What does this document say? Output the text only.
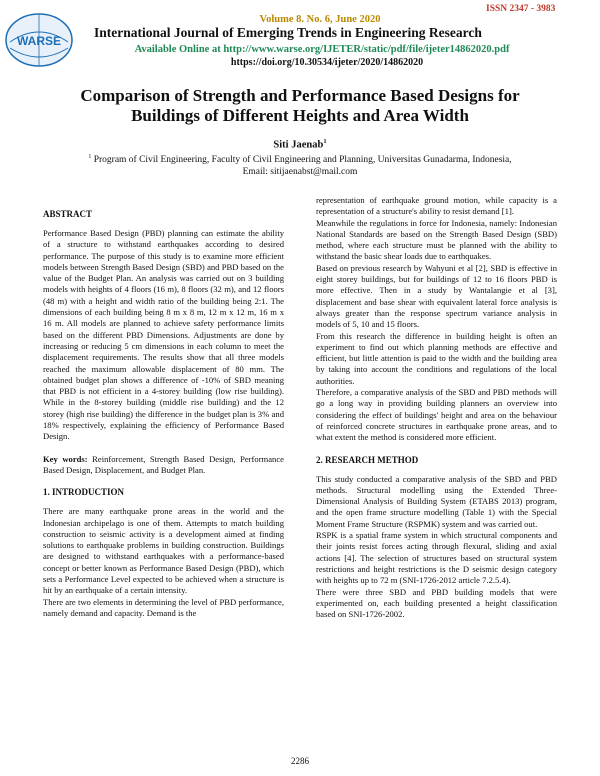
ISSN 2347 - 3983
WARSE
Volume 8. No. 6, June 2020
International Journal of Emerging Trends in Engineering Research
Available Online at http://www.warse.org/IJETER/static/pdf/file/ijeter14862020.pdf
https://doi.org/10.30534/ijeter/2020/14862020
Comparison of Strength and Performance Based Designs for
Buildings of Different Heights and Area Width
Siti Jaenab$^1$
$^1$ Program of Civil Engineering, Faculty of Civil Engineering and Planning, Universitas Gunadarma, Indonesia,
Email: sitijaenabst@mail.com
ABSTRACT

Performance Based Design (PBD) planning can estimate the ability of a structure to withstand earthquakes according to desired performance. The purpose of this study is to examine more efficient models between Strength Based Design (SBD) and PBD based on the value of the Budget Plan. An analysis was carried out on 3 building models with heights of 4 floors (16 m), 8 floors (32 m), and 12 floors (48 m) with a height and width ratio of the building being 2:1. The dimensions of each building being 8 m x 8 m, 12 m x 12 m, 16 m x 16 m. All models are planned to achieve safety performance limits based on the different PBD Dimensions. Adjustments are done by increasing or reducing 5 cm dimensions in each column to meet the displacement requirements. The results show that all three models reached the maximum allowable displacement of 80 mm. The obtained budget plan shows a difference of -10% of SBD meaning that PBD is not efficient in a 4-storey building (low rise building). While in the 8-storey building (middle rise building) and the 12 storey (high rise building) the difference in the budget plan is 3% and 18% respectively, explaining the efficiency of Performance Based Design.

Key words: Reinforcement, Strength Based Design, Performance Based Design, Displacement, and Budget Plan.

1. INTRODUCTION

There are many earthquake prone areas in the world and the Indonesian archipelago is one of them. Attempts to match building construction to seismic activity is a development aimed at finding solutions to earthquake problems in building construction. Buildings are designed to withstand earthquakes with a performance-based concept or better known as Performance Based Design (PBD), which sets a Performance Level expected to be achieved when a structure is hit by an earthquake of a certain intensity.

There are two elements in determining the level of PBD performance, namely demand and capacity. Demand is the

representation of earthquake ground motion, while capacity is a representation of a structure's ability to resist demand [1].

Meanwhile the regulations in force for Indonesia, namely: Indonesian National Standards are based on the Strength Based Design (SBD) method, where each structure must be planned with the ability to withstand the basic shear loads due to earthquakes.

Based on previous research by Wahyuni et al [2], SBD is effective in eight storey buildings, but for buildings of 12 to 16 floors PBD is more effective. Then in a study by Wantalangie et al [3], displacement and base shear with equivalent lateral force analysis is always greater than the response spectrum variance analysis in models of 5, 10 and 15 floors.

From this research the difference in building height is often an experiment to find out which planning methods are effective and efficient, but little attention is paid to the width and the building area by taking into account the conditions and regulations of the local authorities.

Therefore, a comparative analysis of the SBD and PBD methods will go a long way in providing building planners an overview into considering the effect of buildings' height and area on the behaviour of reinforced concrete structures in earthquake prone areas, and to what extent the method is considered more efficient.

2. RESEARCH METHOD

This study conducted a comparative analysis of the SBD and PBD methods. Structural modelling using the Extended Three-Dimensional Analysis of Building System (ETABS 2013) program, and the open frame structure modelling (Table 1) with the Special Moment Frame Structure (RSPMK) system and was carried out.

RSPK is a spatial frame system in which structural components and their joints resist forces acting through flexural, sliding and axial actions [4]. The selection of structures based on structural system restrictions and height restrictions is the D seismic design category with heights up to 72 m (SNI-1726-2012 article 7.2.5.4).

There were three SBD and PBD building models that were experimented on, each building presented a height classification based on SNI-1726-2002.

2286
